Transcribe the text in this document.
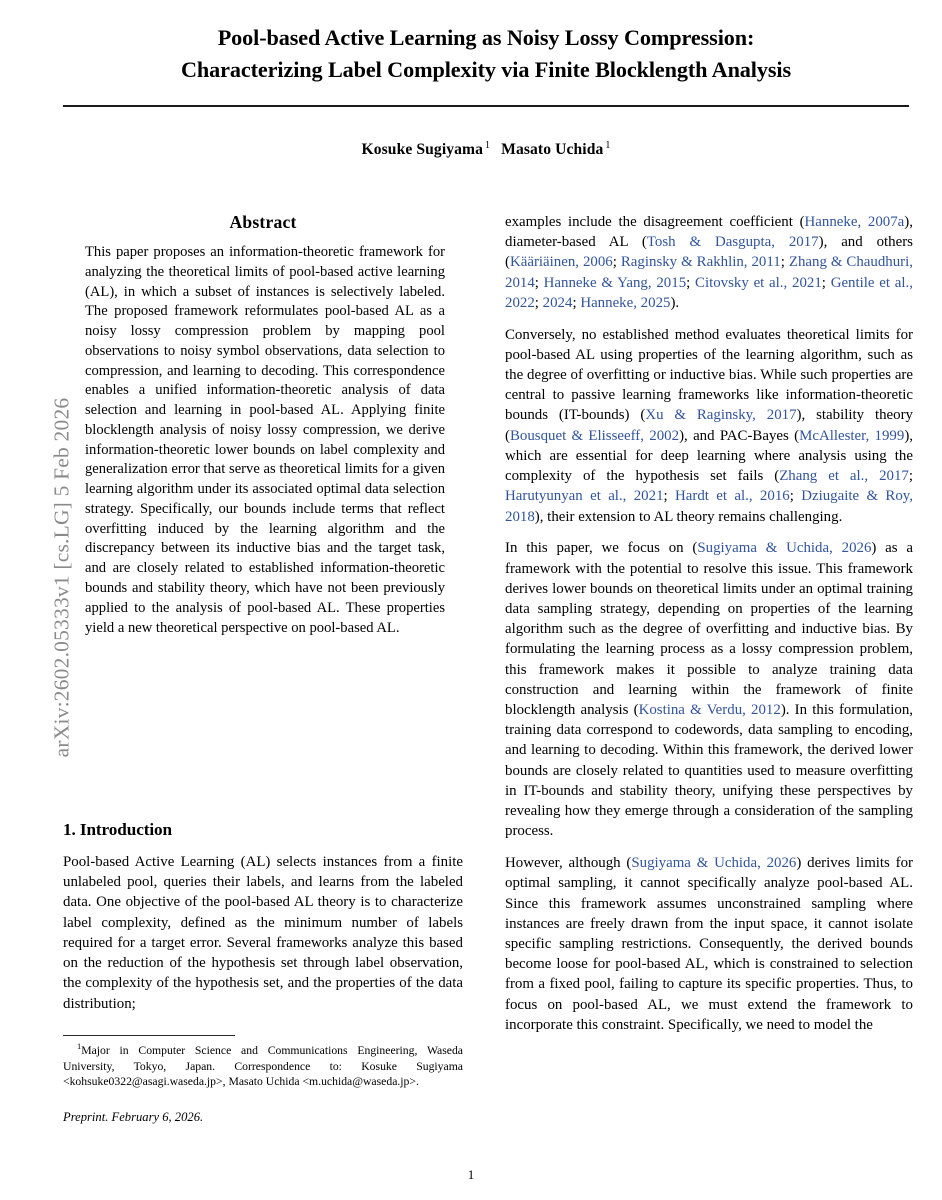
arXiv:2602.05333v1 [cs.LG] 5 Feb 2026
Pool-based Active Learning as Noisy Lossy Compression:
Characterizing Label Complexity via Finite Blocklength Analysis
Kosuke Sugiyama $^1$ Masato Uchida $^1$
Abstract

This paper proposes an information-theoretic framework for analyzing the theoretical limits of pool-based active learning (AL), in which a subset of instances is selectively labeled. The proposed framework reformulates pool-based AL as a noisy lossy compression problem by mapping pool observations to noisy symbol observations, data selection to compression, and learning to decoding. This correspondence enables a unified information-theoretic analysis of data selection and learning in pool-based AL. Applying finite blocklength analysis of noisy lossy compression, we derive information-theoretic lower bounds on label complexity and generalization error that serve as theoretical limits for a given learning algorithm under its associated optimal data selection strategy. Specifically, our bounds include terms that reflect overfitting induced by the learning algorithm and the discrepancy between its inductive bias and the target task, and are closely related to established information-theoretic bounds and stability theory, which have not been previously applied to the analysis of pool-based AL. These properties yield a new theoretical perspective on pool-based AL.

1. Introduction

Pool-based Active Learning (AL) selects instances from a finite unlabeled pool, queries their labels, and learns from the labeled data. One objective of the pool-based AL theory is to characterize label complexity, defined as the minimum number of labels required for a target error. Several frameworks analyze this based on the reduction of the hypothesis set through label observation, the complexity of the hypothesis set, and the properties of the data distribution;

examples include the disagreement coefficient (Hanneke, 2007a), diameter-based AL (Tosh & Dasgupta, 2017), and others (Kääriäinen, 2006; Raginsky & Rakhlin, 2011; Zhang & Chaudhuri, 2014; Hanneke & Yang, 2015; Citovsky et al., 2021; Gentile et al., 2022; 2024; Hanneke, 2025).

Conversely, no established method evaluates theoretical limits for pool-based AL using properties of the learning algorithm, such as the degree of overfitting or inductive bias. While such properties are central to passive learning frameworks like information-theoretic bounds (IT-bounds) (Xu & Raginsky, 2017), stability theory (Bousquet & Elisseeff, 2002), and PAC-Bayes (McAllester, 1999), which are essential for deep learning where analysis using the complexity of the hypothesis set fails (Zhang et al., 2017; Harutyunyan et al., 2021; Hardt et al., 2016; Dziugaite & Roy, 2018), their extension to AL theory remains challenging.

In this paper, we focus on (Sugiyama & Uchida, 2026) as a framework with the potential to resolve this issue. This framework derives lower bounds on theoretical limits under an optimal training data sampling strategy, depending on properties of the learning algorithm such as the degree of overfitting and inductive bias. By formulating the learning process as a lossy compression problem, this framework makes it possible to analyze training data construction and learning within the framework of finite blocklength analysis (Kostina & Verdu, 2012). In this formulation, training data correspond to codewords, data sampling to encoding, and learning to decoding. Within this framework, the derived lower bounds are closely related to quantities used to measure overfitting in IT-bounds and stability theory, unifying these perspectives by revealing how they emerge through a consideration of the sampling process.

However, although (Sugiyama & Uchida, 2026) derives limits for optimal sampling, it cannot specifically analyze pool-based AL. Since this framework assumes unconstrained sampling where instances are freely drawn from the input space, it cannot isolate specific sampling restrictions. Consequently, the derived bounds become loose for pool-based AL, which is constrained to selection from a fixed pool, failing to capture its specific properties. Thus, to focus on pool-based AL, we must extend the framework to incorporate this constraint. Specifically, we need to model the

$^1$Major in Computer Science and Communications Engineering, Waseda University, Tokyo, Japan. Correspondence to: Kosuke Sugiyama <kohsuke0322@asagi.waseda.jp>, Masato Uchida <m.uchida@waseda.jp>.

Preprint. February 6, 2026.

1
